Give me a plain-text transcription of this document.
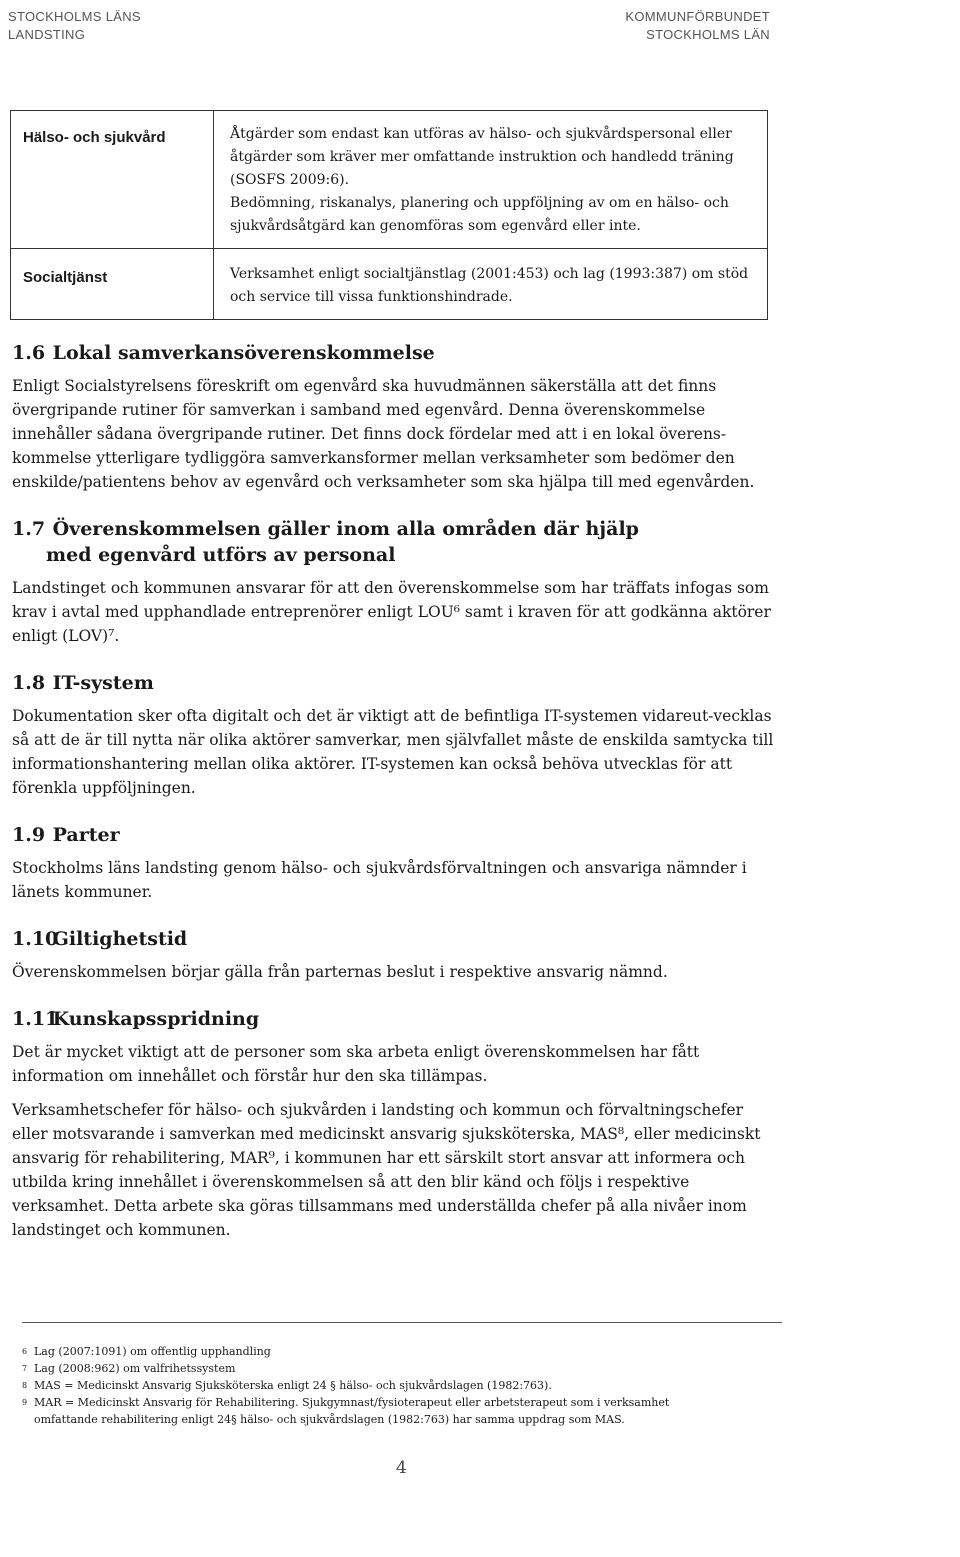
STOCKHOLMS LÄNS
LANDSTING
KOMMUNFÖRBUNDET
STOCKHOLMS LÄN
Hälso- och sjukvård	Åtgärder som endast kan utföras av hälso- och sjukvårdspersonal eller

åtgärder som kräver mer omfattande instruktion och handledd träning

(SOSFS 2009:6).

Bedömning, riskanalys, planering och uppföljning av om en hälso- och

sjukvårdsåtgärd kan genomföras som egenvård eller inte.

Socialtjänst	Verksamhet enligt socialtjänstlag (2001:453) och lag (1993:387) om stöd

och service till vissa funktionshindrade.

1.6 Lokal samverkansöverenskommelse

Enligt Socialstyrelsens föreskrift om egenvård ska huvudmännen säkerställa att det finns övergripande rutiner för samverkan i samband med egenvård. Denna överenskommelse innehåller sådana övergripande rutiner. Det finns dock fördelar med att i en lokal överens-kommelse ytterligare tydliggöra samverkansformer mellan verksamheter som bedömer den enskilde/patientens behov av egenvård och verksamheter som ska hjälpa till med egenvården.

1.7 Överenskommelsen gäller inom alla områden där hjälp
med egenvård utförs av personal

Landstinget och kommunen ansvarar för att den överenskommelse som har träffats infogas som krav i avtal med upphandlade entreprenörer enligt LOU⁶ samt i kraven för att godkänna aktörer enligt (LOV)⁷.

1.8 IT-system

Dokumentation sker ofta digitalt och det är viktigt att de befintliga IT-systemen vidareut-vecklas så att de är till nytta när olika aktörer samverkar, men självfallet måste de enskilda samtycka till informationshantering mellan olika aktörer. IT-systemen kan också behöva utvecklas för att förenkla uppföljningen.

1.9 Parter

Stockholms läns landsting genom hälso- och sjukvårdsförvaltningen och ansvariga nämnder i länets kommuner.

1.10 Giltighetstid

Överenskommelsen börjar gälla från parternas beslut i respektive ansvarig nämnd.

1.11 Kunskapsspridning

Det är mycket viktigt att de personer som ska arbeta enligt överenskommelsen har fått information om innehållet och förstår hur den ska tillämpas.

Verksamhetschefer för hälso- och sjukvården i landsting och kommun och förvaltningschefer eller motsvarande i samverkan med medicinskt ansvarig sjuksköterska, MAS⁸, eller medicinskt ansvarig för rehabilitering, MAR⁹, i kommunen har ett särskilt stort ansvar att informera och utbilda kring innehållet i överenskommelsen så att den blir känd och följs i respektive verksamhet. Detta arbete ska göras tillsammans med underställda chefer på alla nivåer inom landstinget och kommunen.

6 Lag (2007:1091) om offentlig upphandling
7 Lag (2008:962) om valfrihetssystem
8 MAS = Medicinskt Ansvarig Sjuksköterska enligt 24 § hälso- och sjukvårdslagen (1982:763).
9 MAR = Medicinskt Ansvarig för Rehabilitering. Sjukgymnast/fysioterapeut eller arbetsterapeut som i verksamhet
omfattande rehabilitering enligt 24§ hälso- och sjukvårdslagen (1982:763) har samma uppdrag som MAS.
4
